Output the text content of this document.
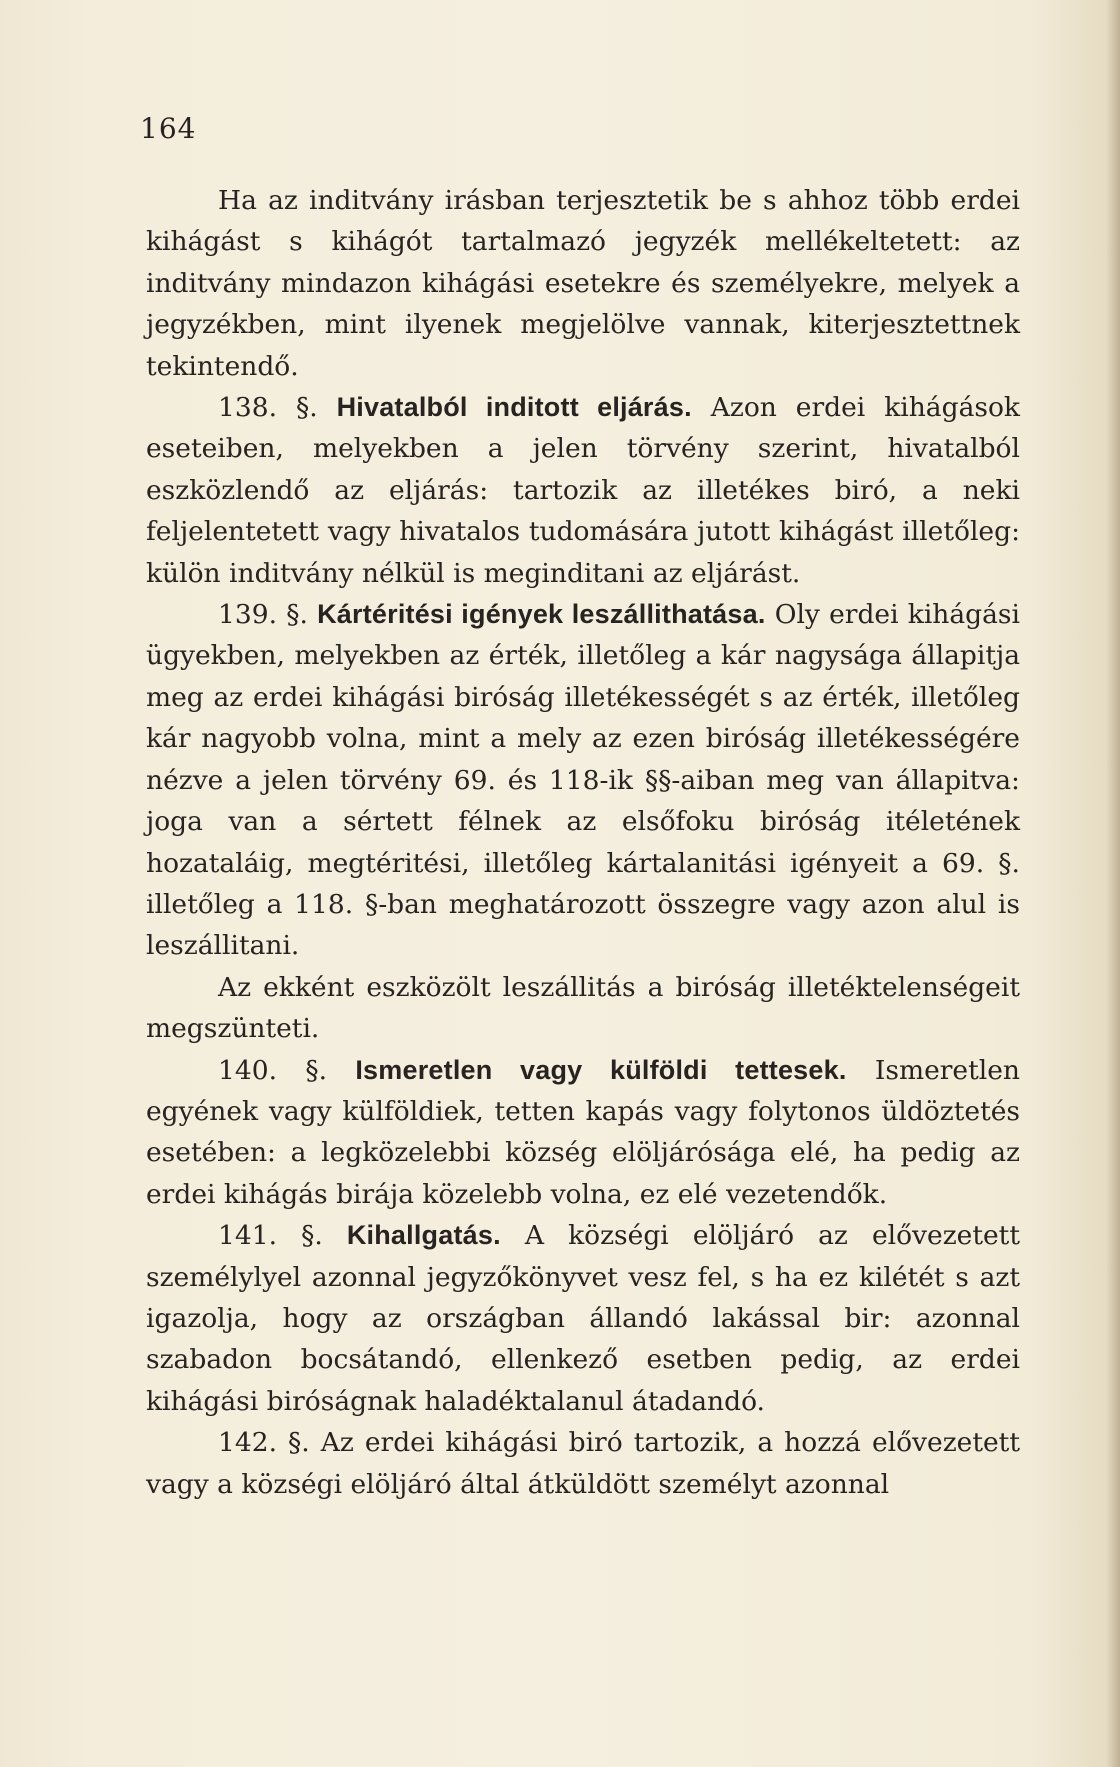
164

Ha az inditvány irásban terjesztetik be s ahhoz több erdei kihágást s kihágót tartalmazó jegyzék mellékeltetett: az inditvány mindazon kihágási esetekre és személyekre, melyek a jegyzékben, mint ilyenek megjelölve vannak, kiterjesztettnek tekintendő.

138. §. Hivatalból inditott eljárás. Azon erdei kihágások eseteiben, melyekben a jelen törvény szerint, hivatalból eszközlendő az eljárás: tartozik az illetékes biró, a neki feljelentetett vagy hivatalos tudomására jutott kihágást illetőleg: külön inditvány nélkül is meginditani az eljárást.

139. §. Kártéritési igények leszállithatása. Oly erdei kihágási ügyekben, melyekben az érték, illetőleg a kár nagysága állapitja meg az erdei kihágási biróság illetékességét s az érték, illetőleg kár nagyobb volna, mint a mely az ezen biróság illetékességére nézve a jelen törvény 69. és 118-ik §§-aiban meg van állapitva: joga van a sértett félnek az elsőfoku biróság itéletének hozataláig, megtéritési, illetőleg kártalanitási igényeit a 69. §. illetőleg a 118. §-ban meghatározott összegre vagy azon alul is leszállitani.

Az ekként eszközölt leszállitás a biróság illetéktelenségeit megszünteti.

140. §. Ismeretlen vagy külföldi tettesek. Ismeretlen egyének vagy külföldiek, tetten kapás vagy folytonos üldöztetés esetében: a legközelebbi község elöljárósága elé, ha pedig az erdei kihágás birája közelebb volna, ez elé vezetendők.

141. §. Kihallgatás. A községi elöljáró az elővezetett személylyel azonnal jegyzőkönyvet vesz fel, s ha ez kilétét s azt igazolja, hogy az országban állandó lakással bir: azonnal szabadon bocsátandó, ellenkező esetben pedig, az erdei kihágási biróságnak haladéktalanul átadandó.

142. §. Az erdei kihágási biró tartozik, a hozzá elővezetett vagy a községi elöljáró által átküldött személyt azonnal
